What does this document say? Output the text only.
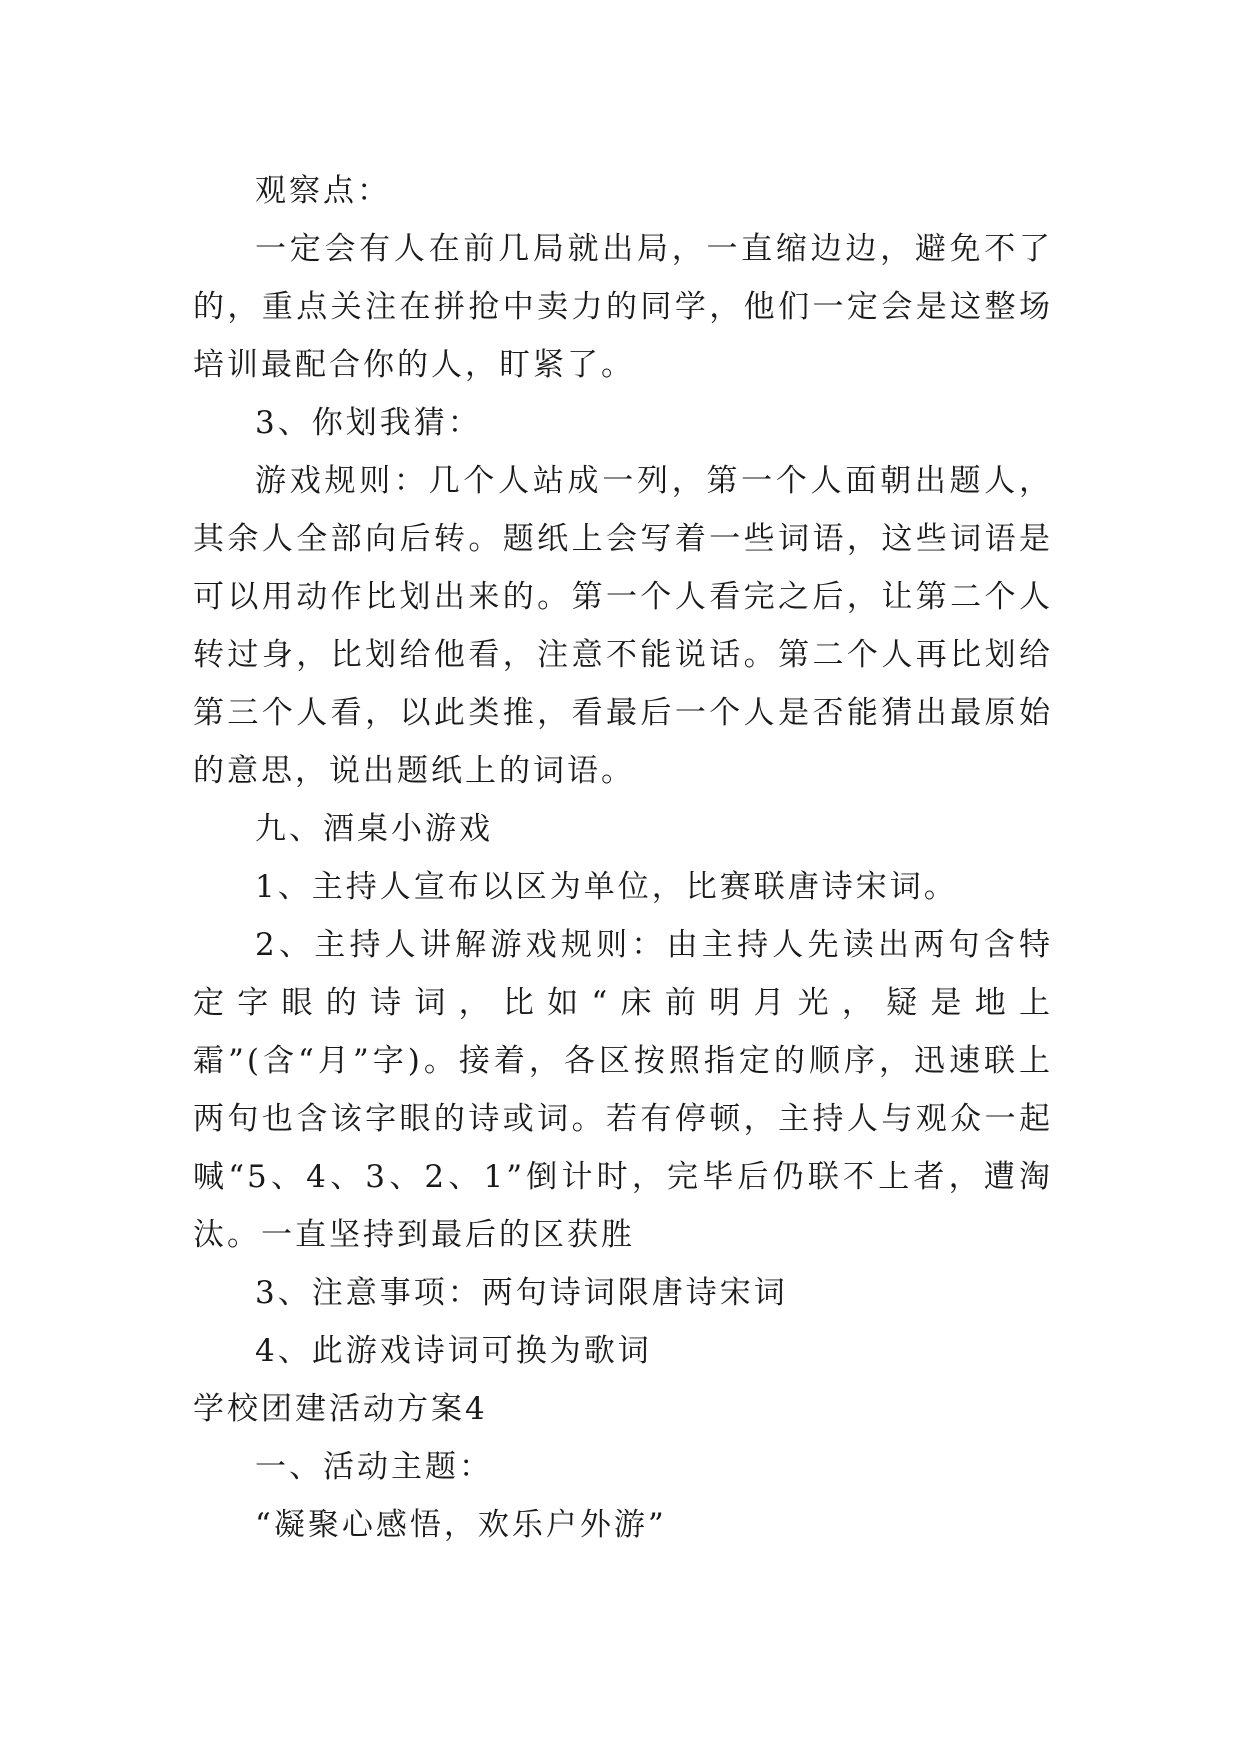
观察点：

一定会有人在前几局就出局，一直缩边边，避免不了的，重点关注在拼抢中卖力的同学，他们一定会是这整场培训最配合你的人，盯紧了。

3、你划我猜：

游戏规则：几个人站成一列，第一个人面朝出题人，其余人全部向后转。题纸上会写着一些词语，这些词语是可以用动作比划出来的。第一个人看完之后，让第二个人转过身，比划给他看，注意不能说话。第二个人再比划给第三个人看，以此类推，看最后一个人是否能猜出最原始的意思，说出题纸上的词语。

九、酒桌小游戏

1、主持人宣布以区为单位，比赛联唐诗宋词。

2、主持人讲解游戏规则：由主持人先读出两句含特定字眼的诗词，比如“床前明月光，疑是地上霜”(含“月”字)。接着，各区按照指定的顺序，迅速联上两句也含该字眼的诗或词。若有停顿，主持人与观众一起喊“5、4、3、2、1”倒计时，完毕后仍联不上者，遭淘汰。一直坚持到最后的区获胜

3、注意事项：两句诗词限唐诗宋词

4、此游戏诗词可换为歌词

学校团建活动方案4

一、活动主题：

“凝聚心感悟，欢乐户外游”
